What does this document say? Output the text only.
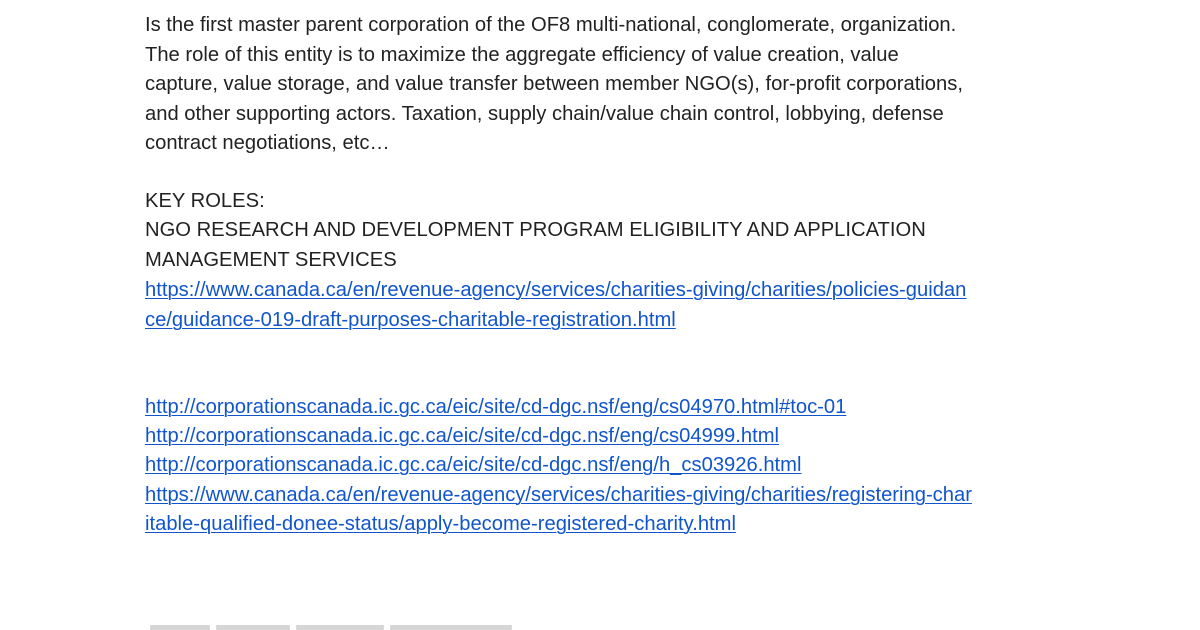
Is the first master parent corporation of the OF8 multi-national, conglomerate, organization.
The role of this entity is to maximize the aggregate efficiency of value creation, value
capture, value storage, and value transfer between member NGO(s), for-profit corporations,
and other supporting actors. Taxation, supply chain/value chain control, lobbying, defense
contract negotiations, etc…
KEY ROLES:
NGO RESEARCH AND DEVELOPMENT PROGRAM ELIGIBILITY AND APPLICATION
MANAGEMENT SERVICES
https://www.canada.ca/en/revenue-agency/services/charities-giving/charities/policies-guidan
ce/guidance-019-draft-purposes-charitable-registration.html
http://corporationscanada.ic.gc.ca/eic/site/cd-dgc.nsf/eng/cs04970.html#toc-01
http://corporationscanada.ic.gc.ca/eic/site/cd-dgc.nsf/eng/cs04999.html
http://corporationscanada.ic.gc.ca/eic/site/cd-dgc.nsf/eng/h_cs03926.html
https://www.canada.ca/en/revenue-agency/services/charities-giving/charities/registering-char
itable-qualified-donee-status/apply-become-registered-charity.html
